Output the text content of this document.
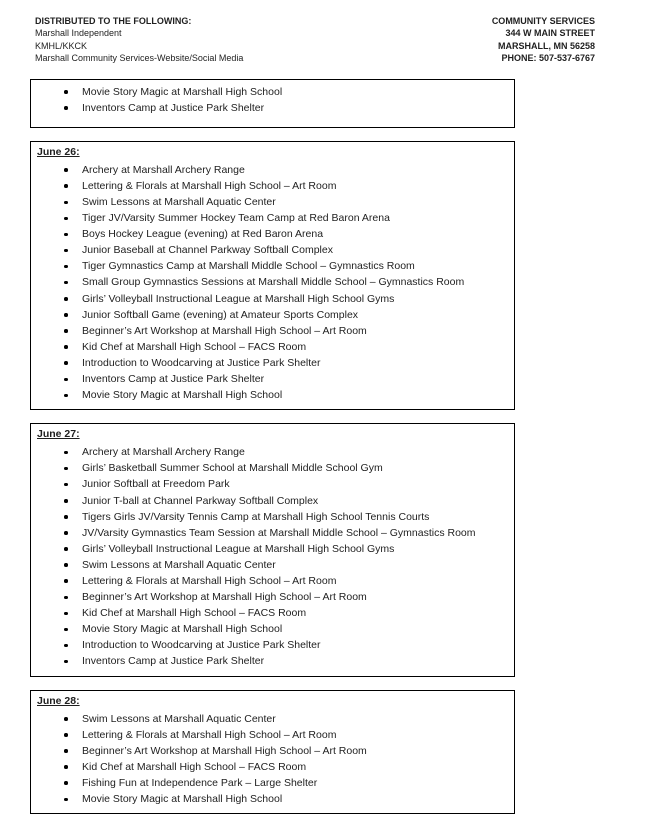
DISTRIBUTED TO THE FOLLOWING:
Marshall Independent
KMHL/KKCK
Marshall Community Services-Website/Social Media
COMMUNITY SERVICES
344 W MAIN STREET
MARSHALL, MN 56258
PHONE: 507-537-6767
Movie Story Magic at Marshall High School
Inventors Camp at Justice Park Shelter
June 26:
Archery at Marshall Archery Range
Lettering & Florals at Marshall High School – Art Room
Swim Lessons at Marshall Aquatic Center
Tiger JV/Varsity Summer Hockey Team Camp at Red Baron Arena
Boys Hockey League (evening) at Red Baron Arena
Junior Baseball at Channel Parkway Softball Complex
Tiger Gymnastics Camp at Marshall Middle School – Gymnastics Room
Small Group Gymnastics Sessions at Marshall Middle School – Gymnastics Room
Girls’ Volleyball Instructional League at Marshall High School Gyms
Junior Softball Game (evening) at Amateur Sports Complex
Beginner’s Art Workshop at Marshall High School – Art Room
Kid Chef at Marshall High School – FACS Room
Introduction to Woodcarving at Justice Park Shelter
Inventors Camp at Justice Park Shelter
Movie Story Magic at Marshall High School
June 27:
Archery at Marshall Archery Range
Girls’ Basketball Summer School at Marshall Middle School Gym
Junior Softball at Freedom Park
Junior T-ball at Channel Parkway Softball Complex
Tigers Girls JV/Varsity Tennis Camp at Marshall High School Tennis Courts
JV/Varsity Gymnastics Team Session at Marshall Middle School – Gymnastics Room
Girls’ Volleyball Instructional League at Marshall High School Gyms
Swim Lessons at Marshall Aquatic Center
Lettering & Florals at Marshall High School – Art Room
Beginner’s Art Workshop at Marshall High School – Art Room
Kid Chef at Marshall High School – FACS Room
Movie Story Magic at Marshall High School
Introduction to Woodcarving at Justice Park Shelter
Inventors Camp at Justice Park Shelter
June 28:
Swim Lessons at Marshall Aquatic Center
Lettering & Florals at Marshall High School – Art Room
Beginner’s Art Workshop at Marshall High School – Art Room
Kid Chef at Marshall High School – FACS Room
Fishing Fun at Independence Park – Large Shelter
Movie Story Magic at Marshall High School
